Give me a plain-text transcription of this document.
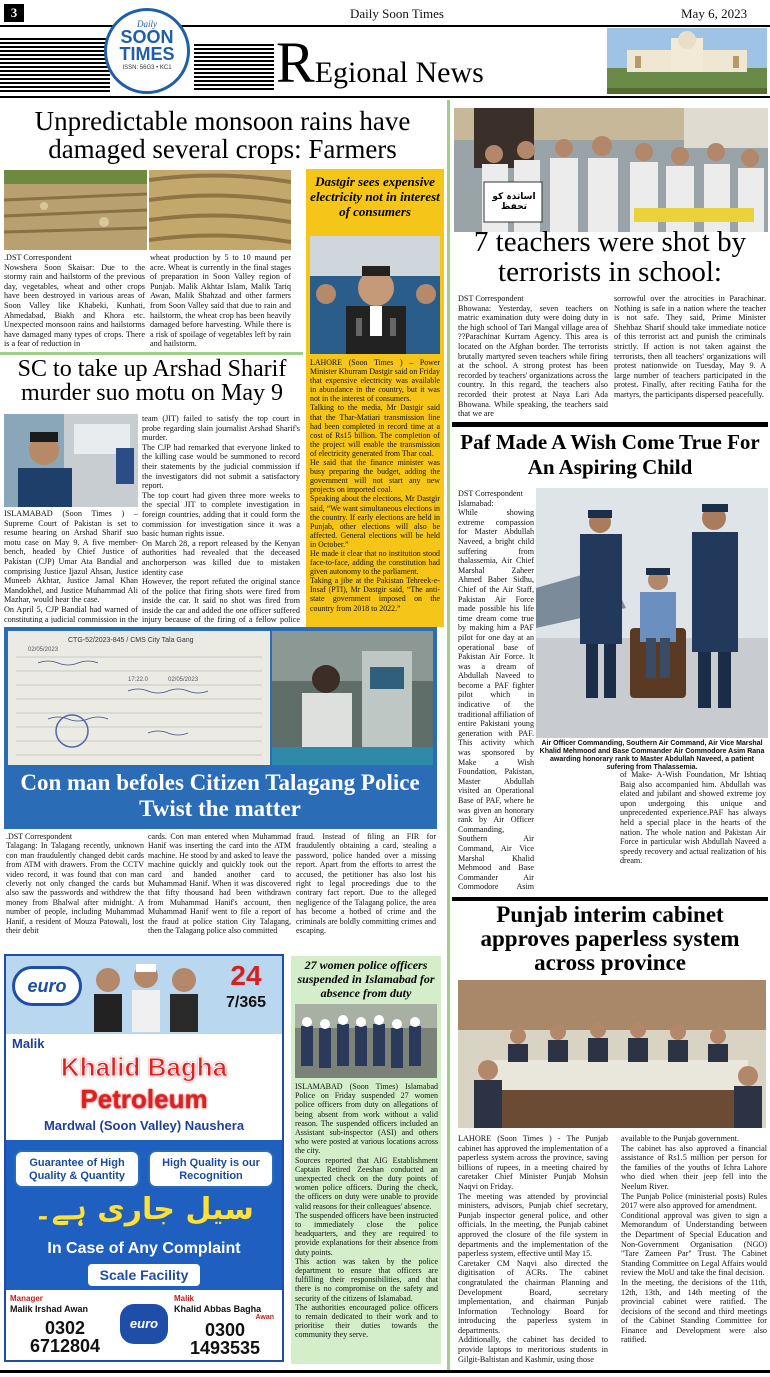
3	Daily Soon Times	May 6, 2023
Daily
SOON
TIMES
ISSN: 56G3 • KC1 REgional News
Unpredictable monsoon rains have damaged several crops: Farmers
.DST Correspondent
Nowshera Soon Skaisar: Due to the stormy rain and hailstorm of the previous day, vegetables, wheat and other crops have been destroyed in various areas of Soon Valley like Khabeki, Kunhati, Ahmedabad, Biakh and Khora etc. Unexpected monsoon rains and hailstorms have damaged many types of crops. There is a fear of reduction in
wheat production by 5 to 10 maund per acre. Wheat is currently in the final stages of preparation in Soon Valley region of Punjab. Malik Akhtar Islam, Malik Tariq Awan, Malik Shahzad and other farmers from Soon Valley said that due to rain and hailstorm, the wheat crop has been heavily damaged before harvesting. While there is a risk of spoilage of vegetables left by rain and hailstorm.
Dastgir sees expensive electricity not in interest of consumers
LAHORE (Soon Times ) – Power Minister Khurram Dastgir said on Friday that expensive electricity was available in abundance in the country, but it was not in the interest of consumers.
Talking to the media, Mr Dastgir said that the Thar-Matiari transmission line had been completed in record time at a cost of Rs15 billion. The completion of the project will enable the transmission of electricity generated from Thar coal.
He said that the finance minister was busy preparing the budget, adding the government will not start any new projects on imported coal.
Speaking about the elections, Mr Dastgir said, “We want simultaneous elections in the country. If early elections are held in Punjab, other elections will also be affected. General elections will be held in October.”
He made it clear that no institution stood face-to-face, adding the constitution had given autonomy to the parliament.
Taking a jibe at the Pakistan Tehreek-e-Insaf (PTI), Mr Dastgir said, “The anti-state government imposed on the country from 2018 to 2022.”
SC to take up Arshad Sharif murder suo motu on May 9
ISLAMABAD (Soon Times ) – Supreme Court of Pakistan is set to resume hearing on Arshad Sharif suo motu case on May 9. A five member-bench, headed by Chief Justice of Pakistan (CJP) Umar Ata Bandial and comprising Justice Ijazul Ahsan, Justice Muneeb Akhtar, Justice Jamal Khan Mandokhel, and Justice Muhammad Ali Mazhar, would hear the case.
On April 5, CJP Bandial had warned of constituting a judicial commission in the
team (JIT) failed to satisfy the top court in probe regarding slain journalist Arshad Sharif's murder.
The CJP had remarked that everyone linked to the killing case would be summoned to record their statements by the judicial commission if the investigators did not submit a satisfactory report.
The top court had given three more weeks to the special JIT to complete investigation in foreign countries, adding that it could form the commission for investigation since it was a basic human rights issue.
On March 28, a report released by the Kenyan authorities had revealed that the deceased anchorperson was killed due to mistaken identity case
However, the report refuted the original stance of the police that firing shots were fired from inside the car. It said no shot was fired from inside the car and added the one officer suffered injury because of the firing of a fellow police
اساتذہ کو تحفظ
7 teachers were shot by terrorists in school:
DST Correspondent
Bhowana: Yesterday, seven teachers on matric examination duty were doing duty in the high school of Tari Mangal village area of ??Parachinar Kurram Agency. This area is located on the Afghan border. The terrorists brutally martyred seven teachers while firing at the school. A strong protest has been recorded by teachers' organizations across the country. In this regard, the teachers also recorded their protest at Naya Lari Ada Bhowana. While speaking, the teachers said that we are
sorrowful over the atrocities in Parachinar. Nothing is safe in a nation where the teacher is not safe. They said, Prime Minister Shehbaz Sharif should take immediate notice of this terrorist act and punish the criminals strictly. If action is not taken against the terrorists, then all teachers' organizations will protest nationwide on Tuesday, May 9. A large number of teachers participated in the protest. Finally, after reciting Fatiha for the martyrs, the participants dispersed peacefully.
Paf Made A Wish Come True For An Aspiring Child
DST Correspondent
Islamabad:
While showing extreme compassion for Master Abdullah Naveed, a bright child suffering from thalassemia, Air Chief Marshal Zaheer Ahmed Baber Sidhu, Chief of the Air Staff, Pakistan Air Force made possible his life time dream come true by making him a PAF pilot for one day at an operational base of Pakistan Air Force. It was a dream of Abdullah Naveed to become a PAF fighter pilot which in indicative of the traditional affiliation of entire Pakistani young generation with PAF. This activity which was sponsored by Make a Wish Foundation, Pakistan, Master Abdullah visited an Operational Base of PAF, where he was given an honorary rank by Air Officer Commanding, Southern Air Command, Air Vice Marshal Khalid Mehmood and Base Commander Air Commodore Asim
Air Officer Commanding, Southern Air Command, Air Vice Marshal Khalid Mehmood and Base Commander Air Commodore Asim Rana awarding honorary rank to Master Abdullah Naveed, a patient sufering from Thalassemia.
of Make- A-Wish Foundation, Mr Ishtiaq Baig also accompanied him. Abdullah was elated and jubilant and showed extreme joy upon undergoing this unique and unprecedented experience.PAF has always held a special place in the hearts of the nation. The whole nation and Pakistan Air Force in particular wish Abdullah Naveed a speedy recovery and actual realization of his dream.
CTG-52/2023-845 / CMS City Tala Gang
02/05/2023
17:22.0	02/05/2023
Con man befoles Citizen Talagang Police Twist the matter
.DST Correspondent
Talagang: In Talagang recently, unknown con man fraudulently changed debit cards from ATM with drawers. From the CCTV video record, it was found that con man cleverly not only changed the cards but also saw the passwords and withdrew the money from Bhalwal after midnight. A number of people, including Muhammad Hanif, a resident of Mouza Patowali, lost their debit
cards. Con man entered when Muhammad Hanif was inserting the card into the ATM machine. He stood by and asked to leave the machine quickly and quickly took out the card and handed another card to Muhammad Hanif. When it was discovered that fifty thousand had been withdrawn from Muhammad Hanif's account, then Muhammad Hanif went to file a report of the fraud at police station City Talagang, then the Talagang police also committed
fraud. Instead of filing an FIR for fraudulently obtaining a card, stealing a password, police handed over a missing report. Apart from the efforts to arrest the accused, the petitioner has also lost his right to legal proceedings due to the contrary fact report. Due to the alleged negligence of the Talagang police, the area has become a hotbed of crime and the criminals are boldly committing crimes and escaping.
euro	24
7/365
Malik
Khalid Bagha
Petroleum
Mardwal (Soon Valley) Naushera
Guarantee of High Quality & Quantity
High Quality is our Recognition
سیل جاری ہے۔
In Case of Any Complaint
Scale Facility
Manager
Malik Irshad Awan
0302
6712804
euro
Malik
Khalid Abbas Bagha
Awan
0300
1493535
27 women police officers suspended in Islamabad for absence from duty
ISLAMABAD (Soon Times) Islamabad Police on Friday suspended 27 women police officers from duty on allegations of being absent from work without a valid reason. The suspended officers included an Assistant sub-inspector (ASI) and others who were posted at various locations across the city.
Sources reported that AIG Establishment Captain Retired Zeeshan conducted an unexpected check on the duty points of women police officers. During the check, the officers on duty were unable to provide valid reasons for their colleagues' absence.
The suspended officers have been instructed to immediately close the police headquarters, and they are required to provide explanations for their absence from duty points.
This action was taken by the police department to ensure that officers are fulfilling their responsibilities, and that there is no compromise on the safety and security of the citizens of Islamabad.
The authorities encouraged police officers to remain dedicated to their work and to prioritise their duties towards the community they serve.
Punjab interim cabinet approves paperless system across province
LAHORE (Soon Times ) - The Punjab cabinet has approved the implementation of a paperless system across the province, saving billions of rupees, in a meeting chaired by caretaker Chief Minister Punjab Mohsin Naqvi on Friday.
The meeting was attended by provincial ministers, advisors, Punjab chief secretary, Punjab inspector general police, and other officials. In the meeting, the Punjab cabinet approved the closure of the file system in departments and the implementation of the paperless system, effective until May 15.
Caretaker CM Naqvi also directed the digitisation of ACRs. The cabinet congratulated the chairman Planning and Development Board, secretary implementation, and chairman Punjab Information Technology Board for introducing the paperless system in departments.
Additionally, the cabinet has decided to provide laptops to meritorious students in Gilgit-Baltistan and Kashmir, using those
available to the Punjab government.
The cabinet has also approved a financial assistance of Rs1.5 million per person for the families of the youths of Ichra Lahore who died when their jeep fell into the Neelum River.
The Punjab Police (ministerial posts) Rules 2017 were also approved for amendment.
Conditional approval was given to sign a Memorandum of Understanding between the Department of Special Education and Non-Government Organisation (NGO) "Tare Zameen Par" Trust. The Cabinet Standing Committee on Legal Affairs would review the MoU and take the final decision.
In the meeting, the decisions of the 11th, 12th, 13th, and 14th meeting of the provincial cabinet were ratified. The decisions of the second and third meetings of the Cabinet Standing Committee for Finance and Development were also ratified.
